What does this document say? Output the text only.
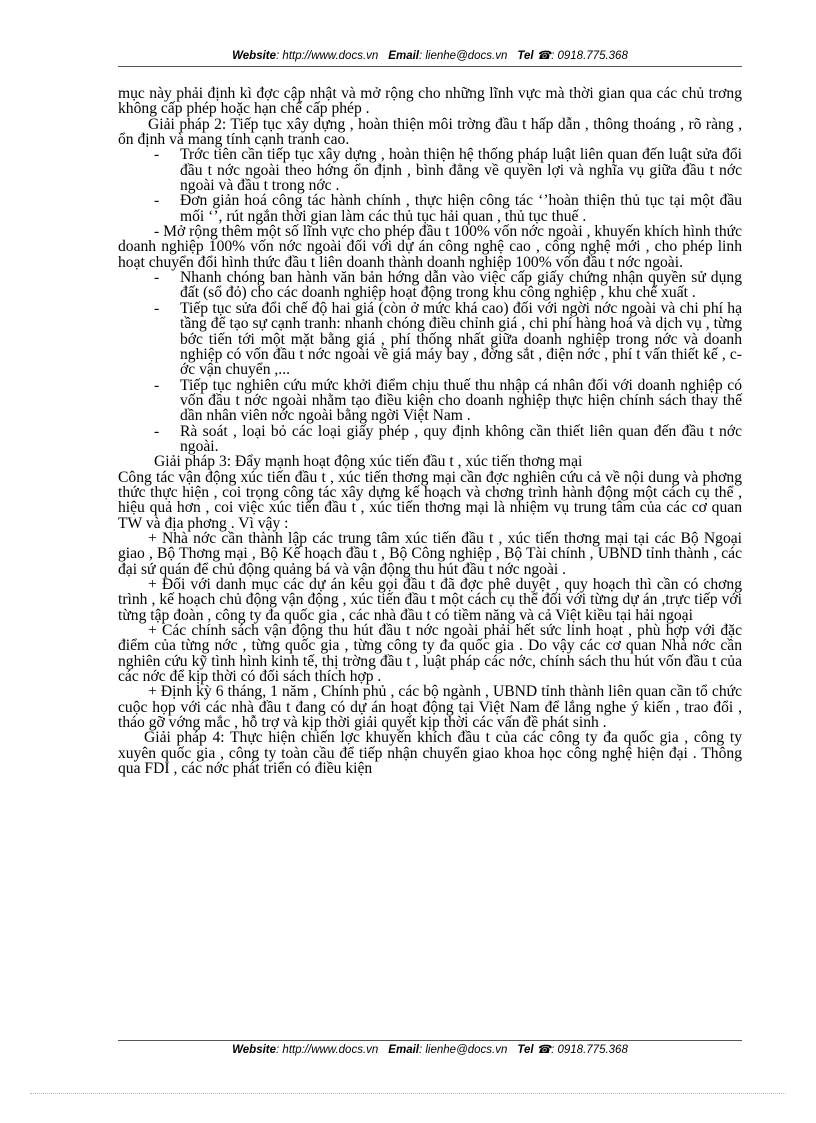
Website: http://www.docs.vn Email: lienhe@docs.vn Tel ☎: 0918.775.368

mục này phải định kì đợc cập nhật và mở rộng cho những lĩnh vực mà thời gian qua các chủ trơng không cấp phép hoặc hạn chế cấp phép .

Giải pháp 2: Tiếp tục xây dựng , hoàn thiện môi trờng đầu t hấp dẫn , thông thoáng , rõ ràng , ổn định và mang tính cạnh tranh cao.

- Trớc tiên cần tiếp tục xây dựng , hoàn thiện hệ thống pháp luật liên quan đến luật sửa đổi đầu t nớc ngoài theo hớng ổn định , bình đẳng về quyền lợi và nghĩa vụ giữa đầu t nớc ngoài và đầu t trong nớc .
- Đơn giản hoá công tác hành chính , thực hiện công tác ‘’hoàn thiện thủ tục tại một đầu mối ‘’, rút ngắn thời gian làm các thủ tục hải quan , thủ tục thuế .

- Mở rộng thêm một số lĩnh vực cho phép đầu t 100% vốn nớc ngoài , khuyến khích hình thức doanh nghiệp 100% vốn nớc ngoài đối với dự án công nghệ cao , công nghệ mới , cho phép linh hoạt chuyển đổi hình thức đầu t liên doanh thành doanh nghiệp 100% vốn đầu t nớc ngoài.

- Nhanh chóng ban hành văn bản hớng dẫn vào việc cấp giấy chứng nhận quyền sử dụng đất (sổ đỏ) cho các doanh nghiệp hoạt động trong khu công nghiệp , khu chế xuất .
- Tiếp tục sửa đổi chế độ hai giá (còn ở mức khá cao) đối với ngời nớc ngoài và chi phí hạ tầng để tạo sự cạnh tranh: nhanh chóng điều chỉnh giá , chi phí hàng hoá và dịch vụ , từng bớc tiến tới một mặt bằng giá , phí thống nhất giữa doanh nghiệp trong nớc và doanh nghiệp có vốn đầu t nớc ngoài về giá máy bay , đờng sắt , điện nớc , phí t vấn thiết kế , cớc vận chuyển ,...
- Tiếp tục nghiên cứu mức khởi điểm chịu thuế thu nhập cá nhân đối với doanh nghiệp có vốn đầu t nớc ngoài nhằm tạo điều kiện cho doanh nghiệp thực hiện chính sách thay thế dần nhân viên nớc ngoài bằng ngời Việt Nam .
- Rà soát , loại bỏ các loại giấy phép , quy định không cần thiết liên quan đến đầu t nớc ngoài.

Giải pháp 3: Đẩy mạnh hoạt động xúc tiến đầu t , xúc tiến thơng mại

Công tác vận động xúc tiến đầu t , xúc tiến thơng mại cần đợc nghiên cứu cả về nội dung và phơng thức thực hiện , coi trọng công tác xây dựng kế hoạch và chơng trình hành động một cách cụ thể , hiệu quả hơn , coi việc xúc tiến đầu t , xúc tiến thơng mại là nhiệm vụ trung tâm của các cơ quan TW và địa phơng . Vì vậy :

+ Nhà nớc cần thành lập các trung tâm xúc tiến đầu t , xúc tiến thơng mại tại các Bộ Ngoại giao , Bộ Thơng mại , Bộ Kế hoạch đầu t , Bộ Công nghiệp , Bộ Tài chính , UBND tỉnh thành , các đại sứ quán để chủ động quảng bá và vận động thu hút đầu t nớc ngoài .

+ Đối với danh mục các dự án kêu gọi đầu t đã đợc phê duyệt , quy hoạch thì cần có chơng trình , kế hoạch chủ động vận động , xúc tiến đầu t một cách cụ thể đối với từng dự án ,trực tiếp với từng tập đoàn , công ty đa quốc gia , các nhà đầu t có tiềm năng và cả Việt kiều tại hải ngoại

+ Các chính sách vận động thu hút đầu t nớc ngoài phải hết sức linh hoạt , phù hợp với đặc điểm của từng nớc , từng quốc gia , từng công ty đa quốc gia . Do vậy các cơ quan Nhà nớc cần nghiên cứu kỹ tình hình kinh tế, thị trờng đầu t , luật pháp các nớc, chính sách thu hút vốn đầu t của các nớc để kịp thời có đối sách thích hợp .

+ Định kỳ 6 tháng, 1 năm , Chính phủ , các bộ ngành , UBND tỉnh thành liên quan cần tổ chức cuộc họp với các nhà đầu t đang có dự án hoạt động tại Việt Nam để lắng nghe ý kiến , trao đổi , tháo gỡ vớng mắc , hỗ trợ và kịp thời giải quyết kịp thời các vấn đề phát sinh .

Giải pháp 4: Thực hiện chiến lợc khuyến khích đầu t của các công ty đa quốc gia , công ty xuyên quốc gia , công ty toàn cầu để tiếp nhận chuyển giao khoa học công nghệ hiện đại . Thông qua FDI , các nớc phát triển có điều kiện

Website: http://www.docs.vn Email: lienhe@docs.vn Tel ☎: 0918.775.368
